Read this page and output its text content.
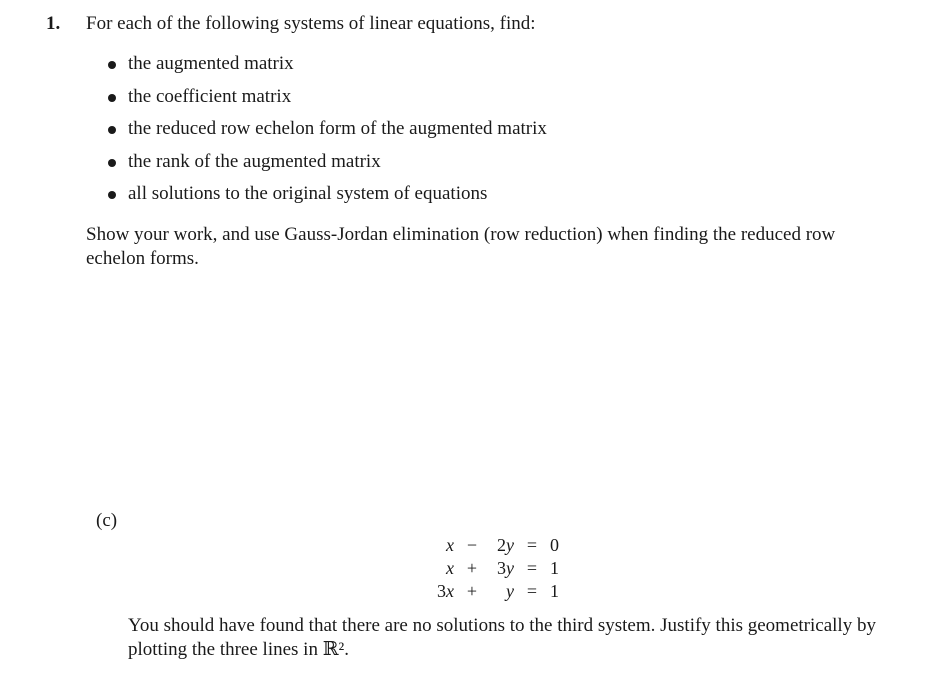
1. For each of the following systems of linear equations, find:
the augmented matrix
the coefficient matrix
the reduced row echelon form of the augmented matrix
the rank of the augmented matrix
all solutions to the original system of equations
Show your work, and use Gauss-Jordan elimination (row reduction) when finding the reduced row echelon forms.
(c)
x	−	2y	=	0
x	+	3y	=	1
3x	+	y	=	1
You should have found that there are no solutions to the third system. Justify this geometrically by plotting the three lines in ℝ².
